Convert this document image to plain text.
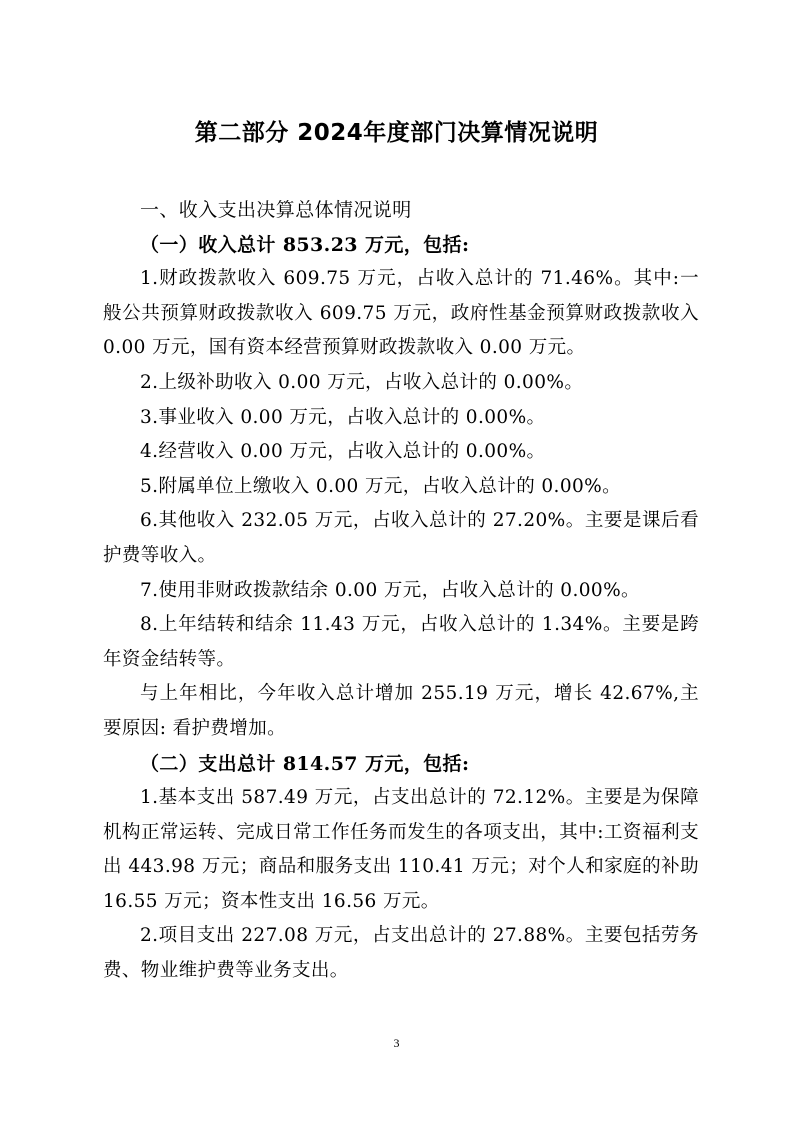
第二部分 2024年度部门决算情况说明

一、收入支出决算总体情况说明

（一）收入总计 853.23 万元，包括:

1.财政拨款收入 609.75 万元，占收入总计的 71.46%。其中:一般公共预算财政拨款收入 609.75 万元，政府性基金预算财政拨款收入 0.00 万元，国有资本经营预算财政拨款收入 0.00 万元。

2.上级补助收入 0.00 万元，占收入总计的 0.00%。

3.事业收入 0.00 万元，占收入总计的 0.00%。

4.经营收入 0.00 万元，占收入总计的 0.00%。

5.附属单位上缴收入 0.00 万元，占收入总计的 0.00%。

6.其他收入 232.05 万元，占收入总计的 27.20%。主要是课后看护费等收入。

7.使用非财政拨款结余 0.00 万元，占收入总计的 0.00%。

8.上年结转和结余 11.43 万元，占收入总计的 1.34%。主要是跨年资金结转等。

与上年相比，今年收入总计增加 255.19 万元，增长 42.67%,主要原因: 看护费增加。

（二）支出总计 814.57 万元，包括:

1.基本支出 587.49 万元，占支出总计的 72.12%。主要是为保障机构正常运转、完成日常工作任务而发生的各项支出，其中:工资福利支出 443.98 万元；商品和服务支出 110.41 万元；对个人和家庭的补助 16.55 万元；资本性支出 16.56 万元。

2.项目支出 227.08 万元，占支出总计的 27.88%。主要包括劳务费、物业维护费等业务支出。

3
